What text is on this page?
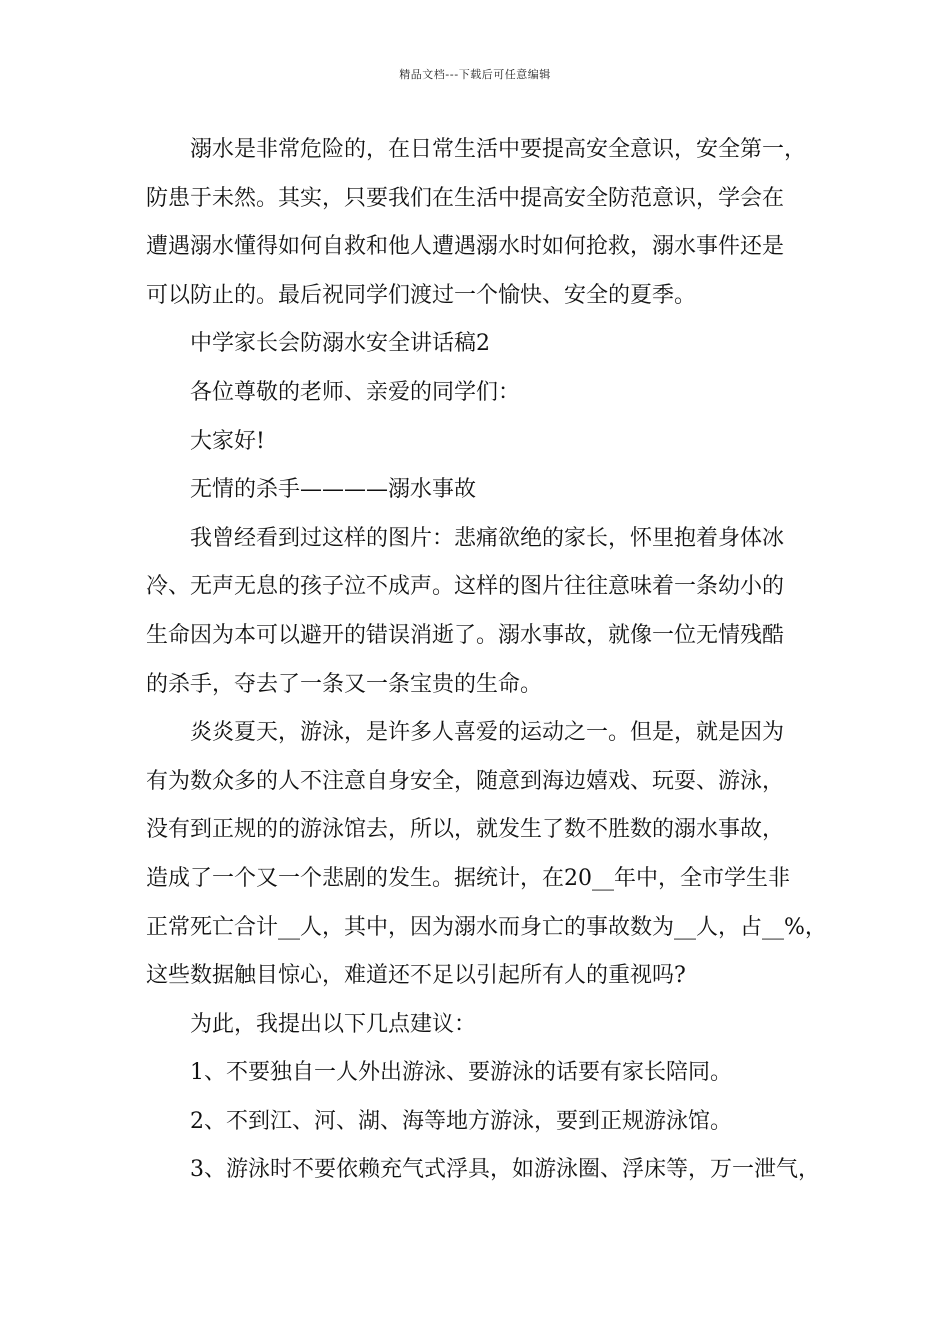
精品文档---下载后可任意编辑
溺水是非常危险的，在日常生活中要提高安全意识，安全第一，
防患于未然。其实，只要我们在生活中提高安全防范意识，学会在
遭遇溺水懂得如何自救和他人遭遇溺水时如何抢救，溺水事件还是
可以防止的。最后祝同学们渡过一个愉快、安全的夏季。
中学家长会防溺水安全讲话稿2
各位尊敬的老师、亲爱的同学们：
大家好!
无情的杀手————溺水事故
我曾经看到过这样的图片：悲痛欲绝的家长，怀里抱着身体冰
冷、无声无息的孩子泣不成声。这样的图片往往意味着一条幼小的
生命因为本可以避开的错误消逝了。溺水事故，就像一位无情残酷
的杀手，夺去了一条又一条宝贵的生命。
炎炎夏天，游泳，是许多人喜爱的运动之一。但是，就是因为
有为数众多的人不注意自身安全，随意到海边嬉戏、玩耍、游泳，
没有到正规的的游泳馆去，所以，就发生了数不胜数的溺水事故，
造成了一个又一个悲剧的发生。据统计，在20__年中，全市学生非
正常死亡合计__人，其中，因为溺水而身亡的事故数为__人，占__%，
这些数据触目惊心，难道还不足以引起所有人的重视吗?
为此，我提出以下几点建议：
1、不要独自一人外出游泳、要游泳的话要有家长陪同。
2、不到江、河、湖、海等地方游泳，要到正规游泳馆。
3、游泳时不要依赖充气式浮具，如游泳圈、浮床等，万一泄气，
